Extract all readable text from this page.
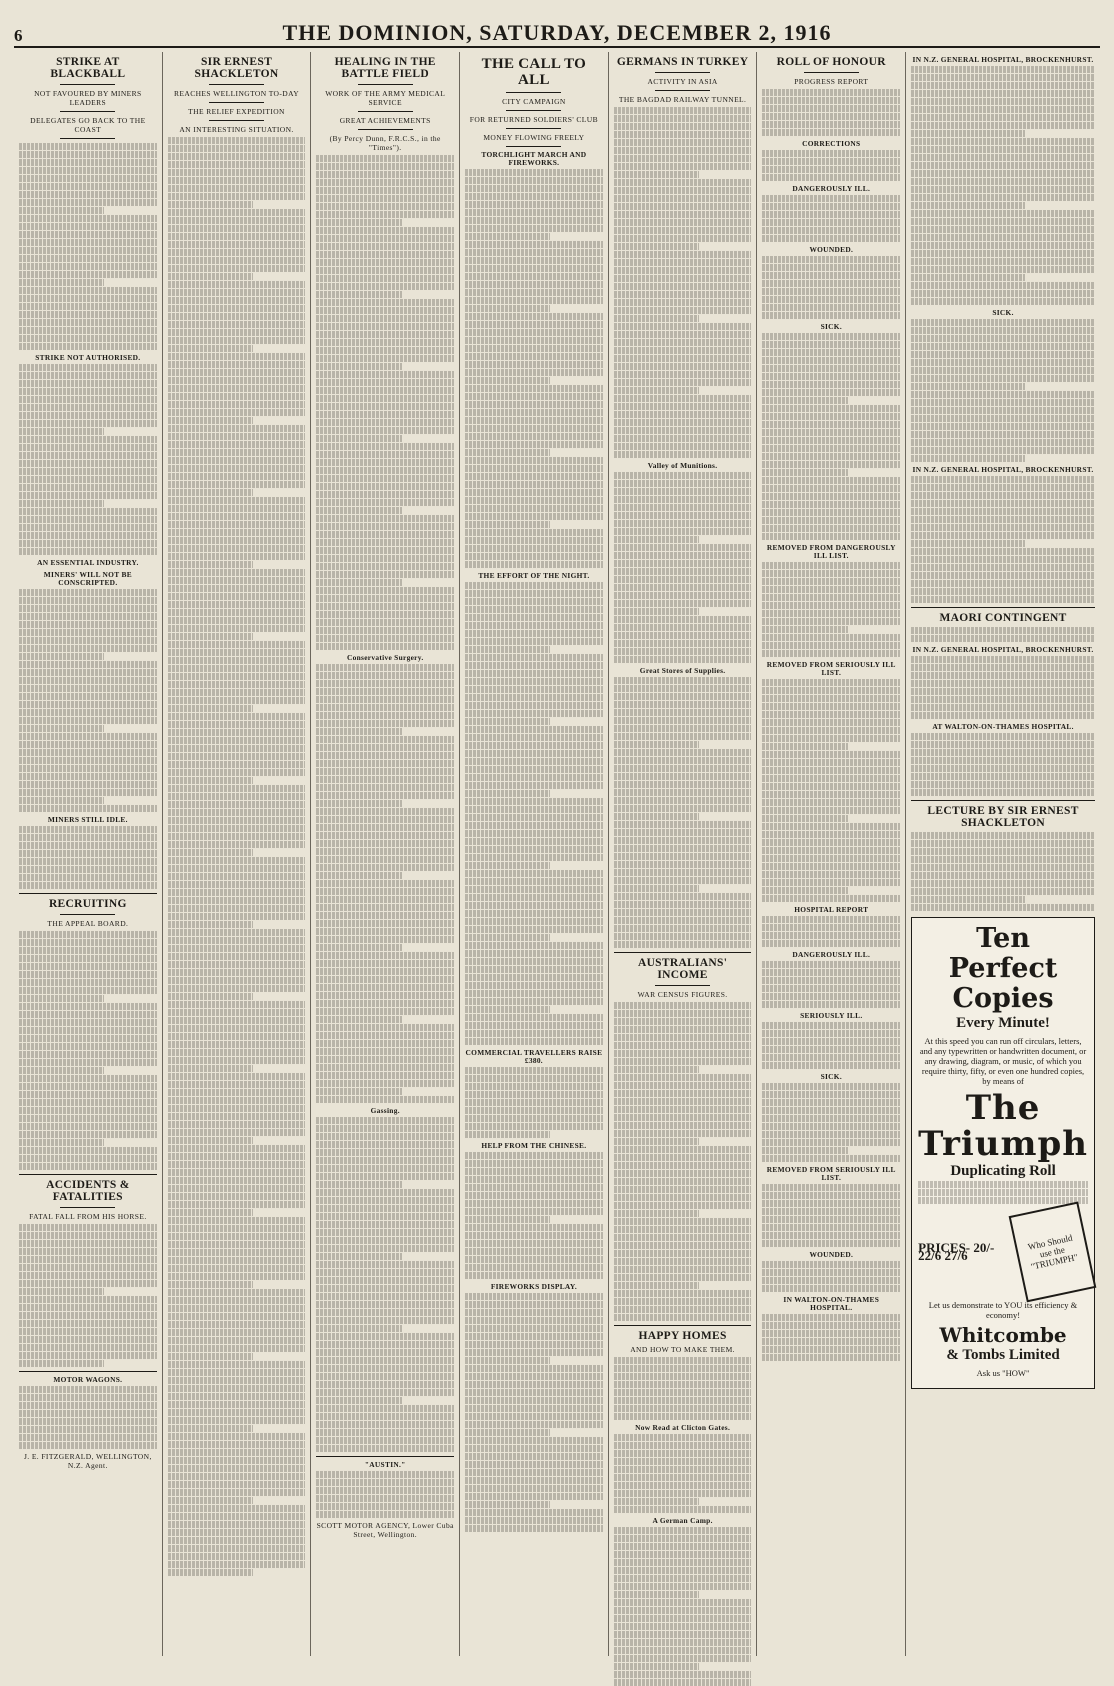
6	THE DOMINION, SATURDAY, DECEMBER 2, 1916
STRIKE AT BLACKBALL
NOT FAVOURED BY MINERS LEADERS
DELEGATES GO BACK TO THE COAST
STRIKE NOT AUTHORISED.
AN ESSENTIAL INDUSTRY.
MINERS' WILL NOT BE CONSCRIPTED.
MINERS STILL IDLE.
RECRUITING
THE APPEAL BOARD.
ACCIDENTS & FATALITIES
FATAL FALL FROM HIS HORSE.
MOTOR WAGONS.
J. E. FITZGERALD, WELLINGTON, N.Z. Agent.
SIR ERNEST SHACKLETON
REACHES WELLINGTON TO-DAY
THE RELIEF EXPEDITION
AN INTERESTING SITUATION.
HEALING IN THE BATTLE FIELD
WORK OF THE ARMY MEDICAL SERVICE
GREAT ACHIEVEMENTS
(By Percy Dunn, F.R.C.S., in the "Times").
Conservative Surgery.
Gassing.
"AUSTIN."
SCOTT MOTOR AGENCY, Lower Cuba Street, Wellington.
THE CALL TO ALL
CITY CAMPAIGN
FOR RETURNED SOLDIERS' CLUB
MONEY FLOWING FREELY
TORCHLIGHT MARCH AND FIREWORKS.
THE EFFORT OF THE NIGHT.
COMMERCIAL TRAVELLERS RAISE £380.
HELP FROM THE CHINESE.
FIREWORKS DISPLAY.
GERMANS IN TURKEY
ACTIVITY IN ASIA
THE BAGDAD RAILWAY TUNNEL.
Valley of Munitions.
Great Stores of Supplies.
AUSTRALIANS' INCOME
WAR CENSUS FIGURES.
HAPPY HOMES
AND HOW TO MAKE THEM.
Now Read at Clicton Gates.
A German Camp.
ROLL OF HONOUR
PROGRESS REPORT
CORRECTIONS
DANGEROUSLY ILL.
WOUNDED.
SICK.
REMOVED FROM DANGEROUSLY ILL LIST.
REMOVED FROM SERIOUSLY ILL LIST.
HOSPITAL REPORT
DANGEROUSLY ILL.
SERIOUSLY ILL.
SICK.
REMOVED FROM SERIOUSLY ILL LIST.
WOUNDED.
IN WALTON-ON-THAMES HOSPITAL.
IN N.Z. GENERAL HOSPITAL, BROCKENHURST.
SICK.
IN N.Z. GENERAL HOSPITAL, BROCKENHURST.
MAORI CONTINGENT
IN N.Z. GENERAL HOSPITAL, BROCKENHURST.
AT WALTON-ON-THAMES HOSPITAL.
LECTURE BY SIR ERNEST SHACKLETON
Ten Perfect Copies
Every Minute!
At this speed you can run off circulars, letters, and any typewritten or handwritten document, or any drawing, diagram, or music, of which you require thirty, fifty, or even one hundred copies, by means of
The Triumph
Duplicating Roll
PRICES- 20/- 22/6 27/6
Who Should use the "TRIUMPH"
Let us demonstrate to YOU its efficiency & economy!
Whitcombe
& Tombs Limited
Ask us "HOW"
